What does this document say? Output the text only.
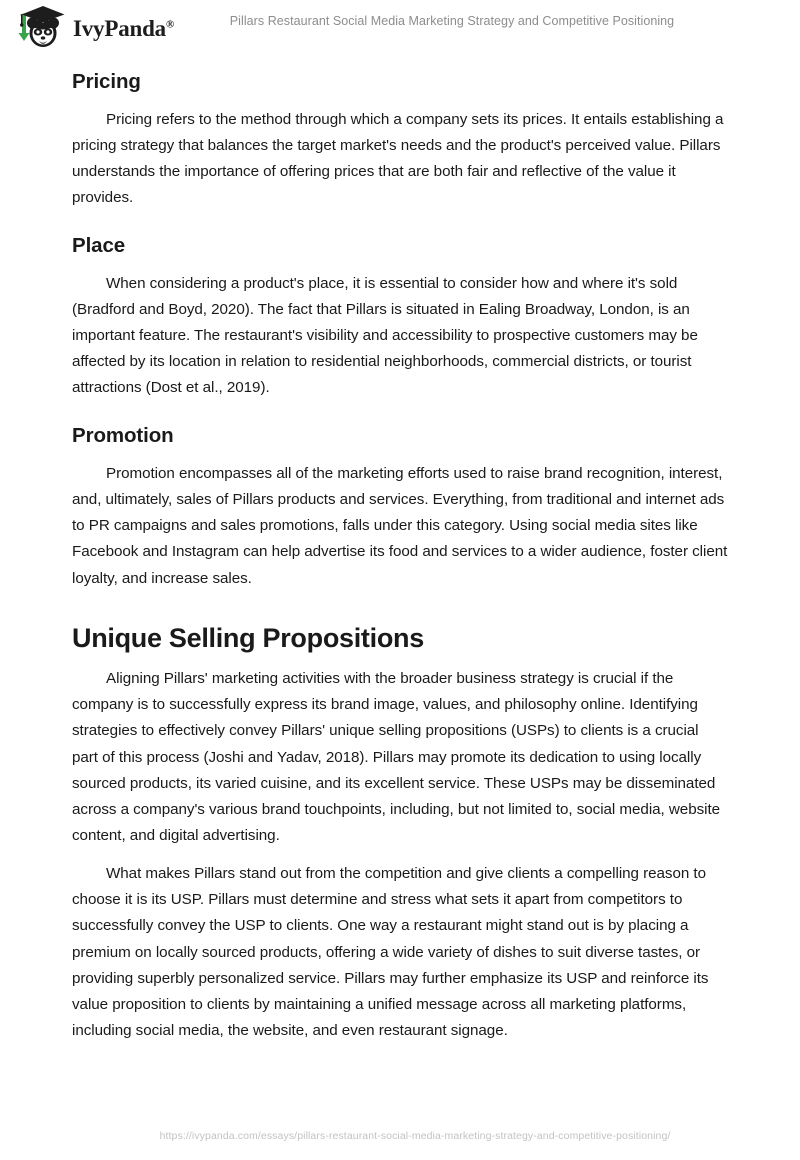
IvyPanda®	Pillars Restaurant Social Media Marketing Strategy and Competitive Positioning
Pricing

Pricing refers to the method through which a company sets its prices. It entails establishing a pricing strategy that balances the target market's needs and the product's perceived value. Pillars understands the importance of offering prices that are both fair and reflective of the value it provides.

Place

When considering a product's place, it is essential to consider how and where it's sold (Bradford and Boyd, 2020). The fact that Pillars is situated in Ealing Broadway, London, is an important feature. The restaurant's visibility and accessibility to prospective customers may be affected by its location in relation to residential neighborhoods, commercial districts, or tourist attractions (Dost et al., 2019).

Promotion

Promotion encompasses all of the marketing efforts used to raise brand recognition, interest, and, ultimately, sales of Pillars products and services. Everything, from traditional and internet ads to PR campaigns and sales promotions, falls under this category. Using social media sites like Facebook and Instagram can help advertise its food and services to a wider audience, foster client loyalty, and increase sales.

Unique Selling Propositions

Aligning Pillars' marketing activities with the broader business strategy is crucial if the company is to successfully express its brand image, values, and philosophy online. Identifying strategies to effectively convey Pillars' unique selling propositions (USPs) to clients is a crucial part of this process (Joshi and Yadav, 2018). Pillars may promote its dedication to using locally sourced products, its varied cuisine, and its excellent service. These USPs may be disseminated across a company's various brand touchpoints, including, but not limited to, social media, website content, and digital advertising.

What makes Pillars stand out from the competition and give clients a compelling reason to choose it is its USP. Pillars must determine and stress what sets it apart from competitors to successfully convey the USP to clients. One way a restaurant might stand out is by placing a premium on locally sourced products, offering a wide variety of dishes to suit diverse tastes, or providing superbly personalized service. Pillars may further emphasize its USP and reinforce its value proposition to clients by maintaining a unified message across all marketing platforms, including social media, the website, and even restaurant signage.

https://ivypanda.com/essays/pillars-restaurant-social-media-marketing-strategy-and-competitive-positioning/
